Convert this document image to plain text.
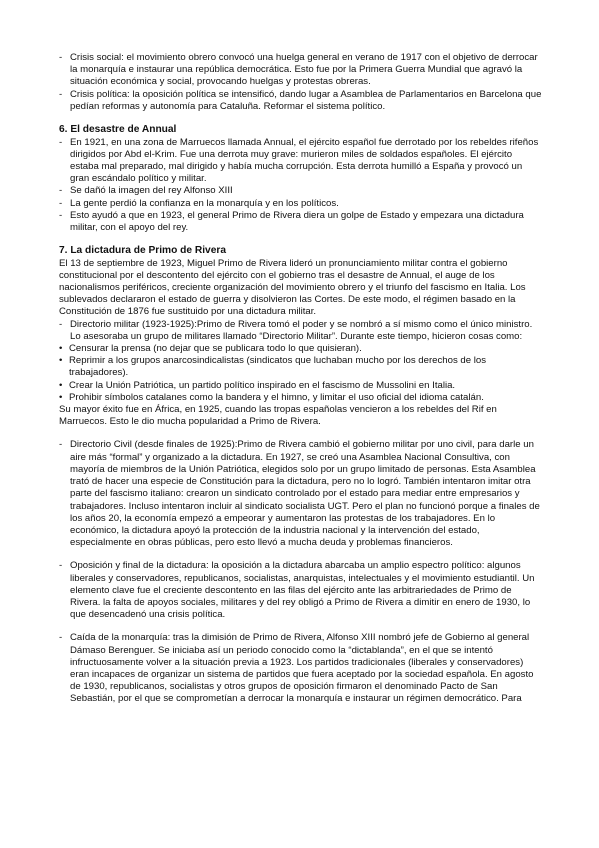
- Crisis social: el movimiento obrero convocó una huelga general en verano de 1917 con el objetivo de derrocar la monarquía e instaurar una república democrática. Esto fue por la Primera Guerra Mundial que agravó la situación económica y social, provocando huelgas y protestas obreras.

- Crisis política: la oposición política se intensificó, dando lugar a Asamblea de Parlamentarios en Barcelona que pedían reformas y autonomía para Cataluña. Reformar el sistema político.

6. El desastre de Annual

- En 1921, en una zona de Marruecos llamada Annual, el ejército español fue derrotado por los rebeldes rifeños dirigidos por Abd el-Krim. Fue una derrota muy grave: murieron miles de soldados españoles. El ejército estaba mal preparado, mal dirigido y había mucha corrupción. Esta derrota humilló a España y provocó un gran escándalo político y militar.

- Se dañó la imagen del rey Alfonso XIII

- La gente perdió la confianza en la monarquía y en los políticos.

- Esto ayudó a que en 1923, el general Primo de Rivera diera un golpe de Estado y empezara una dictadura militar, con el apoyo del rey.

7. La dictadura de Primo de Rivera

El 13 de septiembre de 1923, Miguel Primo de Rivera lideró un pronunciamiento militar contra el gobierno constitucional por el descontento del ejército con el gobierno tras el desastre de Annual, el auge de los nacionalismos periféricos, creciente organización del movimiento obrero y el triunfo del fascismo en Italia. Los sublevados declararon el estado de guerra y disolvieron las Cortes. De este modo, el régimen basado en la Constitución de 1876 fue sustituido por una dictadura militar.

- Directorio militar (1923-1925):Primo de Rivera tomó el poder y se nombró a sí mismo como el único ministro. Lo asesoraba un grupo de militares llamado “Directorio Militar”. Durante este tiempo, hicieron cosas como:

• Censurar la prensa (no dejar que se publicara todo lo que quisieran).

• Reprimir a los grupos anarcosindicalistas (sindicatos que luchaban mucho por los derechos de los trabajadores).

• Crear la Unión Patriótica, un partido político inspirado en el fascismo de Mussolini en Italia.

• Prohibir símbolos catalanes como la bandera y el himno, y limitar el uso oficial del idioma catalán.

Su mayor éxito fue en África, en 1925, cuando las tropas españolas vencieron a los rebeldes del Rif en Marruecos. Esto le dio mucha popularidad a Primo de Rivera.

- Directorio Civil (desde finales de 1925):Primo de Rivera cambió el gobierno militar por uno civil, para darle un aire más “formal” y organizado a la dictadura. En 1927, se creó una Asamblea Nacional Consultiva, con mayoría de miembros de la Unión Patriótica, elegidos solo por un grupo limitado de personas. Esta Asamblea trató de hacer una especie de Constitución para la dictadura, pero no lo logró. También intentaron imitar otra parte del fascismo italiano: crearon un sindicato controlado por el estado para mediar entre empresarios y trabajadores. Incluso intentaron incluir al sindicato socialista UGT. Pero el plan no funcionó porque a finales de los años 20, la economía empezó a empeorar y aumentaron las protestas de los trabajadores. En lo económico, la dictadura apoyó la protección de la industria nacional y la intervención del estado, especialmente en obras públicas, pero esto llevó a mucha deuda y problemas financieros.

- Oposición y final de la dictadura: la oposición a la dictadura abarcaba un amplio espectro político: algunos liberales y conservadores, republicanos, socialistas, anarquistas, intelectuales y el movimiento estudiantil. Un elemento clave fue el creciente descontento en las filas del ejército ante las arbitrariedades de Primo de Rivera. la falta de apoyos sociales, militares y del rey obligó a Primo de Rivera a dimitir en enero de 1930, lo que desencadenó una crisis política.

- Caída de la monarquía: tras la dimisión de Primo de Rivera, Alfonso XIII nombró jefe de Gobierno al general Dámaso Berenguer. Se iniciaba así un periodo conocido como la “dictablanda”, en el que se intentó infructuosamente volver a la situación previa a 1923. Los partidos tradicionales (liberales y conservadores) eran incapaces de organizar un sistema de partidos que fuera aceptado por la sociedad española. En agosto de 1930, republicanos, socialistas y otros grupos de oposición firmaron el denominado Pacto de San Sebastián, por el que se comprometían a derrocar la monarquía e instaurar un régimen democrático. Para
